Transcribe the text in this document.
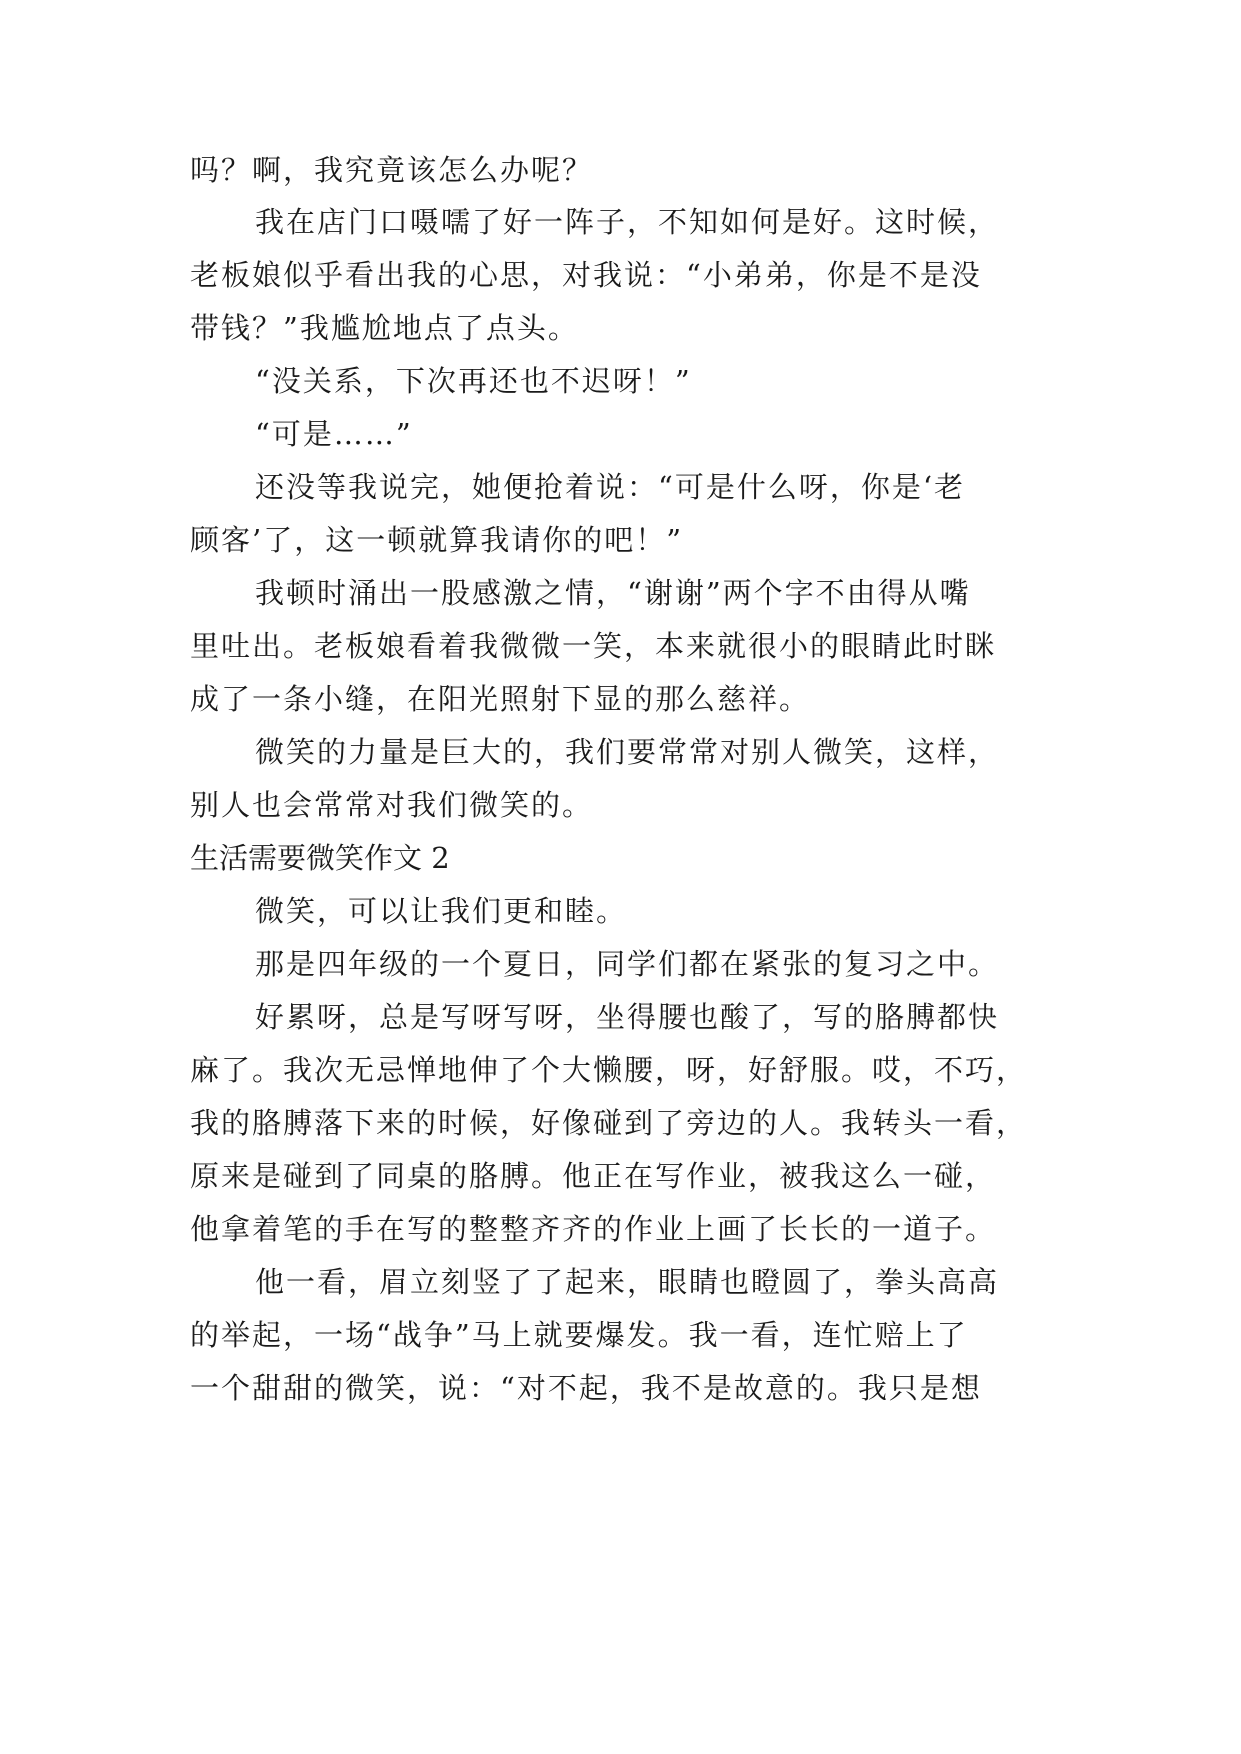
吗？啊，我究竟该怎么办呢？
我在店门口嗫嚅了好一阵子，不知如何是好。这时候，
老板娘似乎看出我的心思，对我说：“小弟弟，你是不是没
带钱？”我尴尬地点了点头。
“没关系，下次再还也不迟呀！”
“可是……”
还没等我说完，她便抢着说：“可是什么呀，你是‘老
顾客’了，这一顿就算我请你的吧！”
我顿时涌出一股感激之情，“谢谢”两个字不由得从嘴
里吐出。老板娘看着我微微一笑，本来就很小的眼睛此时眯
成了一条小缝，在阳光照射下显的那么慈祥。
微笑的力量是巨大的，我们要常常对别人微笑，这样，
别人也会常常对我们微笑的。
生活需要微笑作文 2
微笑，可以让我们更和睦。
那是四年级的一个夏日，同学们都在紧张的复习之中。
好累呀，总是写呀写呀，坐得腰也酸了，写的胳膊都快
麻了。我次无忌惮地伸了个大懒腰，呀，好舒服。哎，不巧，
我的胳膊落下来的时候，好像碰到了旁边的人。我转头一看，
原来是碰到了同桌的胳膊。他正在写作业，被我这么一碰，
他拿着笔的手在写的整整齐齐的作业上画了长长的一道子。
他一看，眉立刻竖了了起来，眼睛也瞪圆了，拳头高高
的举起，一场“战争”马上就要爆发。我一看，连忙赔上了
一个甜甜的微笑，说：“对不起，我不是故意的。我只是想
